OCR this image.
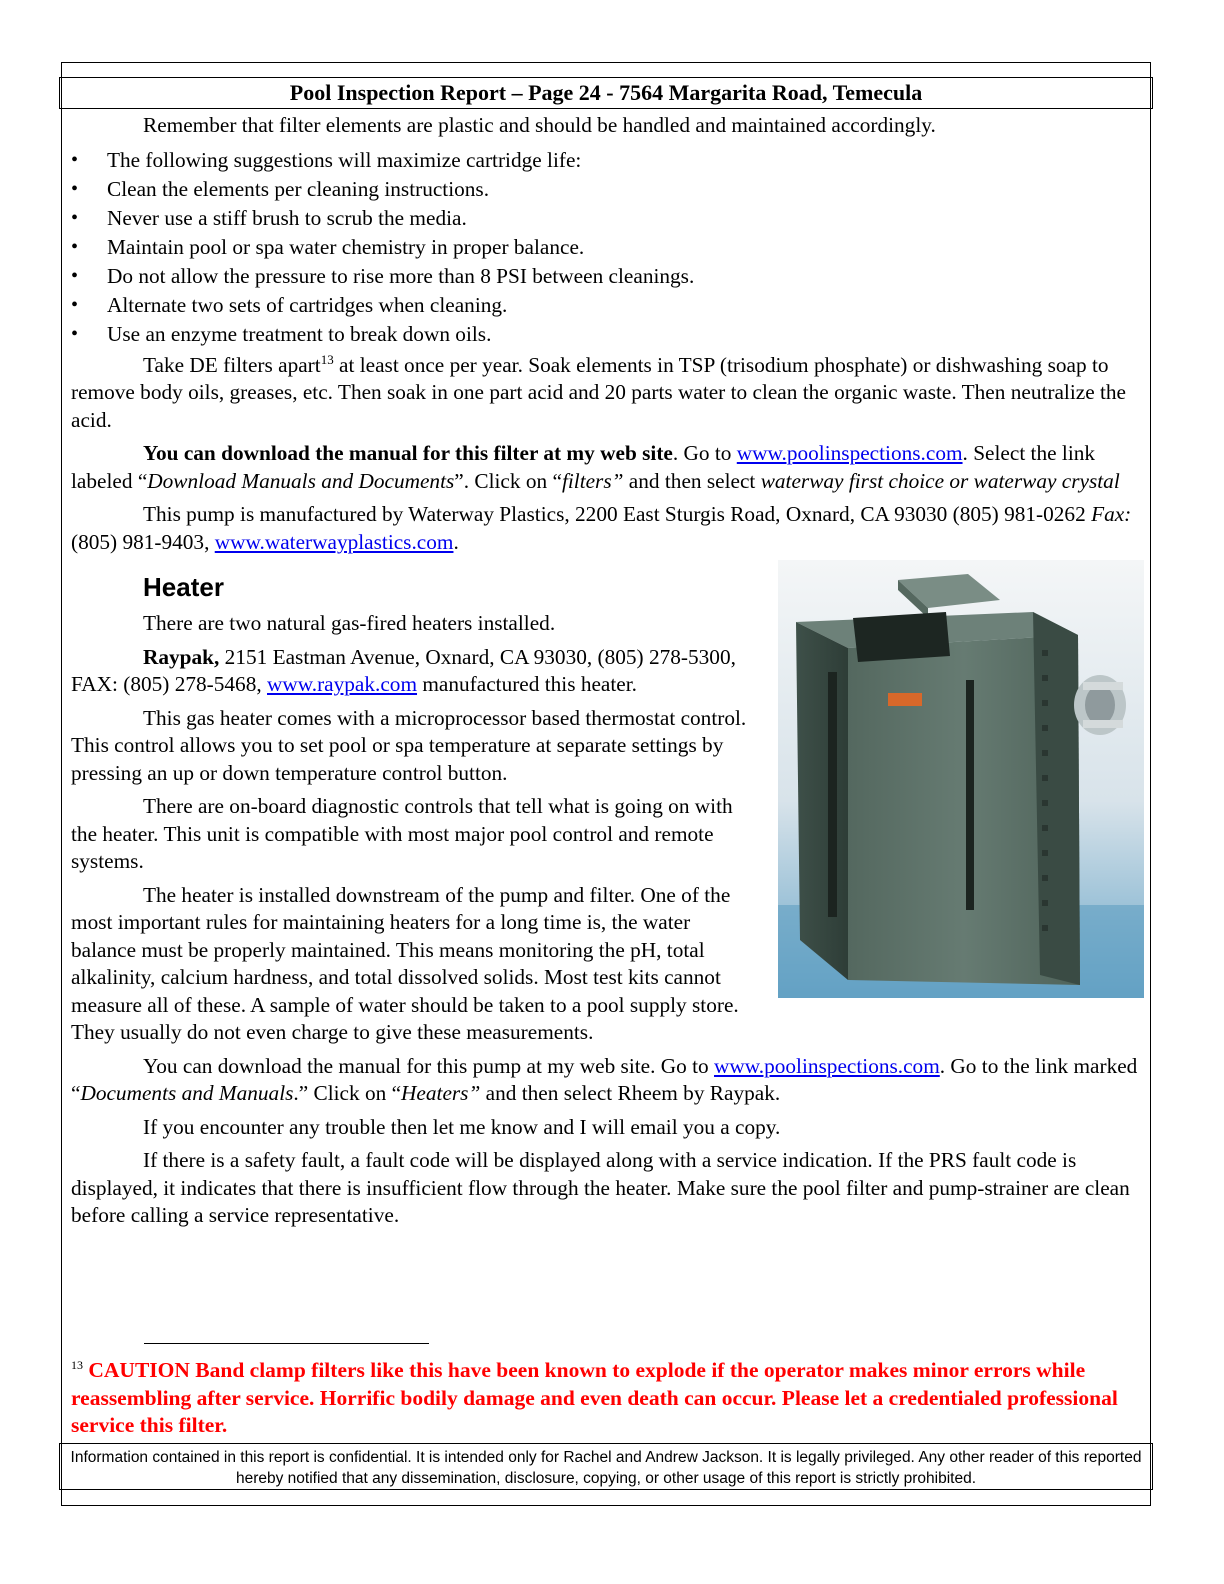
Pool Inspection Report – Page 24 - 7564 Margarita Road, Temecula

Remember that filter elements are plastic and should be handled and maintained accordingly.

• The following suggestions will maximize cartridge life:
• Clean the elements per cleaning instructions.
• Never use a stiff brush to scrub the media.
• Maintain pool or spa water chemistry in proper balance.
• Do not allow the pressure to rise more than 8 PSI between cleanings.
• Alternate two sets of cartridges when cleaning.
• Use an enzyme treatment to break down oils.

Take DE filters apart$^{13}$ at least once per year. Soak elements in TSP (trisodium phosphate) or dishwashing soap to remove body oils, greases, etc. Then soak in one part acid and 20 parts water to clean the organic waste. Then neutralize the acid.

You can download the manual for this filter at my web site. Go to www.poolinspections.com. Select the link labeled “Download Manuals and Documents”. Click on “filters” and then select waterway first choice or waterway crystal

This pump is manufactured by Waterway Plastics, 2200 East Sturgis Road, Oxnard, CA 93030 (805) 981-0262 Fax: (805) 981-9403, www.waterwayplastics.com.

Heater

There are two natural gas-fired heaters installed.

Raypak, 2151 Eastman Avenue, Oxnard, CA 93030, (805) 278-5300, FAX: (805) 278-5468, www.raypak.com manufactured this heater.

This gas heater comes with a microprocessor based thermostat control. This control allows you to set pool or spa temperature at separate settings by pressing an up or down temperature control button.

There are on-board diagnostic controls that tell what is going on with the heater. This unit is compatible with most major pool control and remote systems.

The heater is installed downstream of the pump and filter. One of the most important rules for maintaining heaters for a long time is, the water balance must be properly maintained. This means monitoring the pH, total alkalinity, calcium hardness, and total dissolved solids. Most test kits cannot measure all of these. A sample of water should be taken to a pool supply store. They usually do not even charge to give these measurements.

You can download the manual for this pump at my web site. Go to www.poolinspections.com. Go to the link marked “Documents and Manuals.” Click on “Heaters” and then select Rheem by Raypak.

If you encounter any trouble then let me know and I will email you a copy.

If there is a safety fault, a fault code will be displayed along with a service indication. If the PRS fault code is displayed, it indicates that there is insufficient flow through the heater. Make sure the pool filter and pump-strainer are clean before calling a service representative.

$^{13}$ CAUTION Band clamp filters like this have been known to explode if the operator makes minor errors while reassembling after service. Horrific bodily damage and even death can occur. Please let a credentialed professional service this filter.
Information contained in this report is confidential. It is intended only for Rachel and Andrew Jackson. It is legally privileged. Any other reader of this reported hereby notified that any dissemination, disclosure, copying, or other usage of this report is strictly prohibited.
